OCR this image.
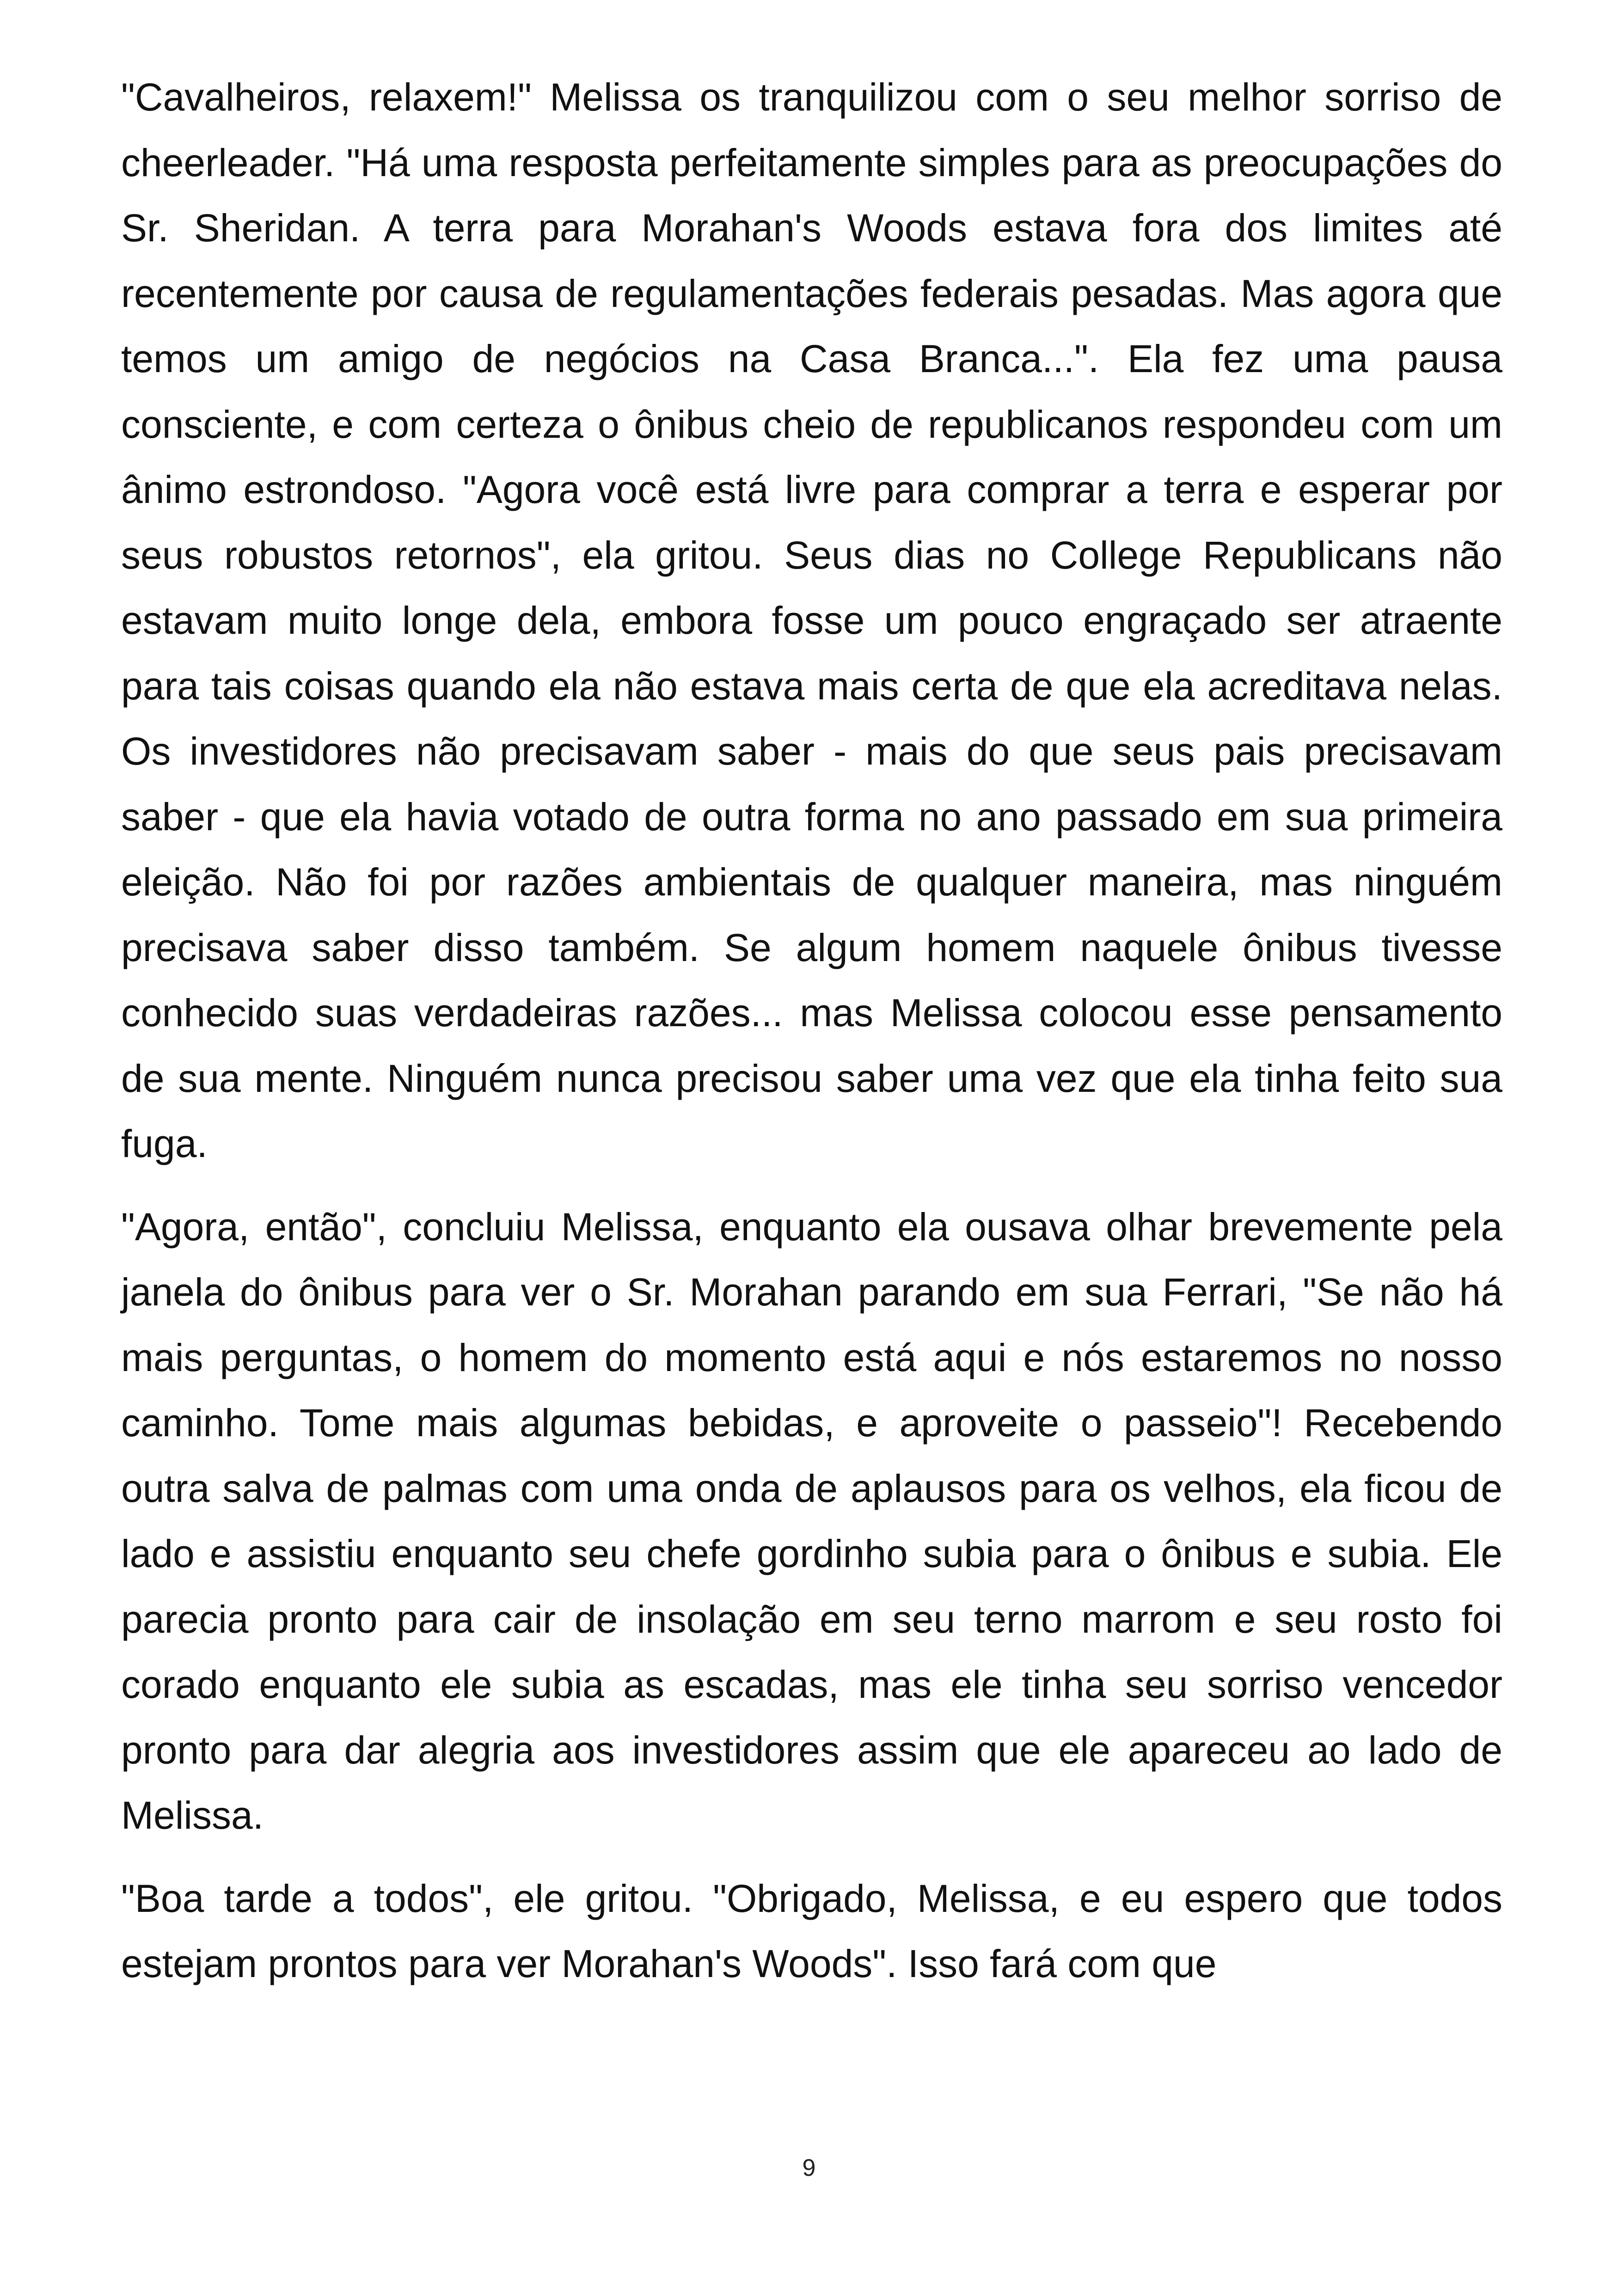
"Cavalheiros, relaxem!" Melissa os tranquilizou com o seu melhor sorriso de cheerleader. "Há uma resposta perfeitamente simples para as preocupações do Sr. Sheridan. A terra para Morahan's Woods estava fora dos limites até recentemente por causa de regulamentações federais pesadas. Mas agora que temos um amigo de negócios na Casa Branca...". Ela fez uma pausa consciente, e com certeza o ônibus cheio de republicanos respondeu com um ânimo estrondoso. "Agora você está livre para comprar a terra e esperar por seus robustos retornos", ela gritou. Seus dias no College Republicans não estavam muito longe dela, embora fosse um pouco engraçado ser atraente para tais coisas quando ela não estava mais certa de que ela acreditava nelas. Os investidores não precisavam saber - mais do que seus pais precisavam saber - que ela havia votado de outra forma no ano passado em sua primeira eleição. Não foi por razões ambientais de qualquer maneira, mas ninguém precisava saber disso também. Se algum homem naquele ônibus tivesse conhecido suas verdadeiras razões... mas Melissa colocou esse pensamento de sua mente. Ninguém nunca precisou saber uma vez que ela tinha feito sua fuga.

"Agora, então", concluiu Melissa, enquanto ela ousava olhar brevemente pela janela do ônibus para ver o Sr. Morahan parando em sua Ferrari, "Se não há mais perguntas, o homem do momento está aqui e nós estaremos no nosso caminho. Tome mais algumas bebidas, e aproveite o passeio"! Recebendo outra salva de palmas com uma onda de aplausos para os velhos, ela ficou de lado e assistiu enquanto seu chefe gordinho subia para o ônibus e subia. Ele parecia pronto para cair de insolação em seu terno marrom e seu rosto foi corado enquanto ele subia as escadas, mas ele tinha seu sorriso vencedor pronto para dar alegria aos investidores assim que ele apareceu ao lado de Melissa.

"Boa tarde a todos", ele gritou. "Obrigado, Melissa, e eu espero que todos estejam prontos para ver Morahan's Woods". Isso fará com que

9
